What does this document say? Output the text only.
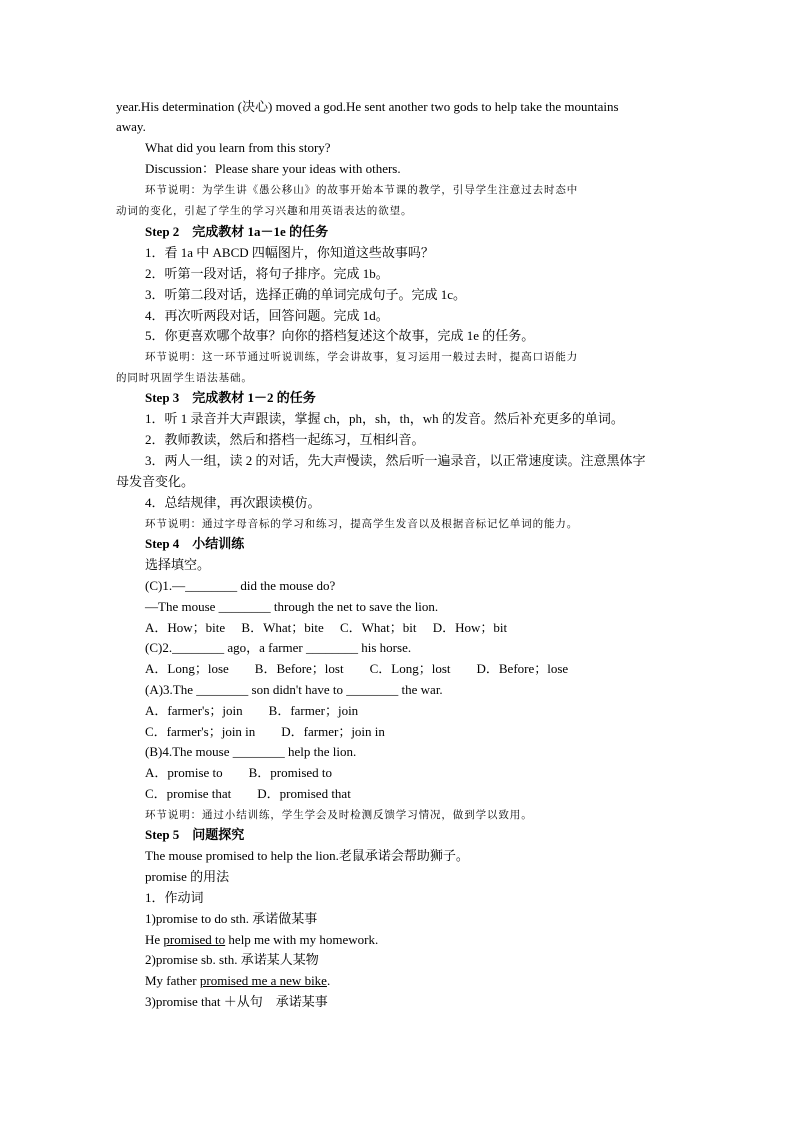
year.His determination (决心) moved a god.He sent another two gods to help take the mountains
away.
What did you learn from this story?
Discussion：Please share your ideas with others.
环节说明：为学生讲《愚公移山》的故事开始本节课的教学，引导学生注意过去时态中
动词的变化，引起了学生的学习兴趣和用英语表达的欲望。
Step 2　完成教材 1a－1e 的任务
1．看 1a 中 ABCD 四幅图片，你知道这些故事吗？
2．听第一段对话，将句子排序。完成 1b。
3．听第二段对话，选择正确的单词完成句子。完成 1c。
4．再次听两段对话，回答问题。完成 1d。
5．你更喜欢哪个故事？向你的搭档复述这个故事，完成 1e 的任务。
环节说明：这一环节通过听说训练，学会讲故事，复习运用一般过去时，提高口语能力
的同时巩固学生语法基础。
Step 3　完成教材 1－2 的任务
1．听 1 录音并大声跟读，掌握 ch，ph，sh，th，wh 的发音。然后补充更多的单词。
2．教师教读，然后和搭档一起练习，互相纠音。
3．两人一组，读 2 的对话，先大声慢读，然后听一遍录音，以正常速度读。注意黑体字
母发音变化。
4．总结规律，再次跟读模仿。
环节说明：通过字母音标的学习和练习，提高学生发音以及根据音标记忆单词的能力。
Step 4　小结训练
选择填空。
(C)1.—________ did the mouse do?
—The mouse ________ through the net to save the lion.
A．How；bite　 B．What；bite　 C．What；bit　 D．How；bit
(C)2.________ ago，a farmer ________ his horse.
A．Long；lose　　B．Before；lost　　C．Long；lost　　D．Before；lose
(A)3.The ________ son didn't have to ________ the war.
A．farmer's；join　　B．farmer；join
C．farmer's；join in　　D．farmer；join in
(B)4.The mouse ________ help the lion.
A．promise to　　B．promised to
C．promise that　　D．promised that
环节说明：通过小结训练，学生学会及时检测反馈学习情况，做到学以致用。
Step 5　问题探究
The mouse promised to help the lion.老鼠承诺会帮助狮子。
promise 的用法
1．作动词
1)promise to do sth. 承诺做某事
He promised to help me with my homework.
2)promise sb. sth. 承诺某人某物
My father promised me a new bike.
3)promise that ＋从句　承诺某事
